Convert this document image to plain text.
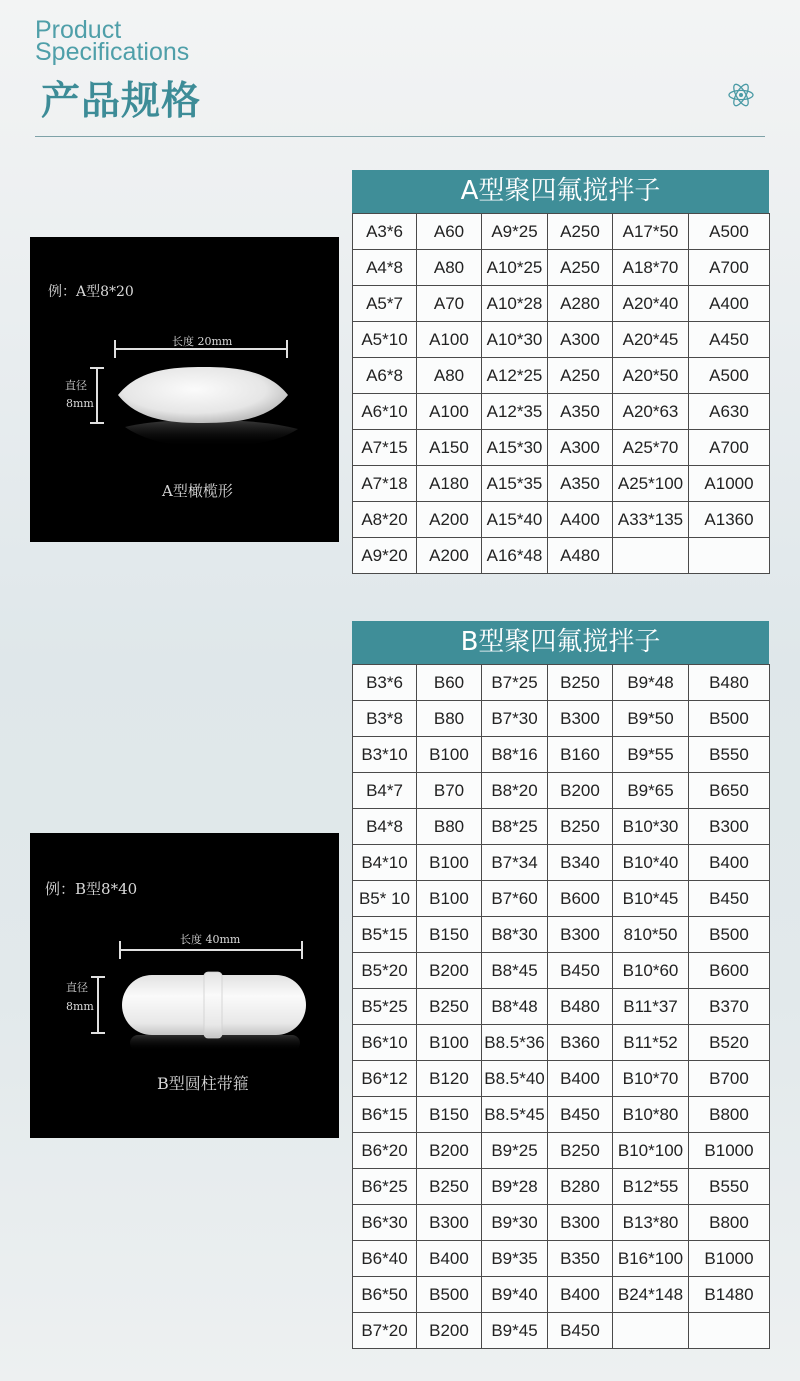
Product
Specifications
产品规格
例：A型8*20
长度 20mm
直径
8mm
A型橄榄形
A型聚四氟搅拌子
A3*6	A60	A9*25	A250	A17*50	A500
A4*8	A80	A10*25	A250	A18*70	A700
A5*7	A70	A10*28	A280	A20*40	A400
A5*10	A100	A10*30	A300	A20*45	A450
A6*8	A80	A12*25	A250	A20*50	A500
A6*10	A100	A12*35	A350	A20*63	A630
A7*15	A150	A15*30	A300	A25*70	A700
A7*18	A180	A15*35	A350	A25*100	A1000
A8*20	A200	A15*40	A400	A33*135	A1360
A9*20	A200	A16*48	A480		
例：B型8*40
长度 40mm
直径
8mm
B型圆柱带箍
B型聚四氟搅拌子
B3*6	B60	B7*25	B250	B9*48	B480
B3*8	B80	B7*30	B300	B9*50	B500
B3*10	B100	B8*16	B160	B9*55	B550
B4*7	B70	B8*20	B200	B9*65	B650
B4*8	B80	B8*25	B250	B10*30	B300
B4*10	B100	B7*34	B340	B10*40	B400
B5* 10	B100	B7*60	B600	B10*45	B450
B5*15	B150	B8*30	B300	810*50	B500
B5*20	B200	B8*45	B450	B10*60	B600
B5*25	B250	B8*48	B480	B11*37	B370
B6*10	B100	B8.5*36	B360	B11*52	B520
B6*12	B120	B8.5*40	B400	B10*70	B700
B6*15	B150	B8.5*45	B450	B10*80	B800
B6*20	B200	B9*25	B250	B10*100	B1000
B6*25	B250	B9*28	B280	B12*55	B550
B6*30	B300	B9*30	B300	B13*80	B800
B6*40	B400	B9*35	B350	B16*100	B1000
B6*50	B500	B9*40	B400	B24*148	B1480
B7*20	B200	B9*45	B450		
